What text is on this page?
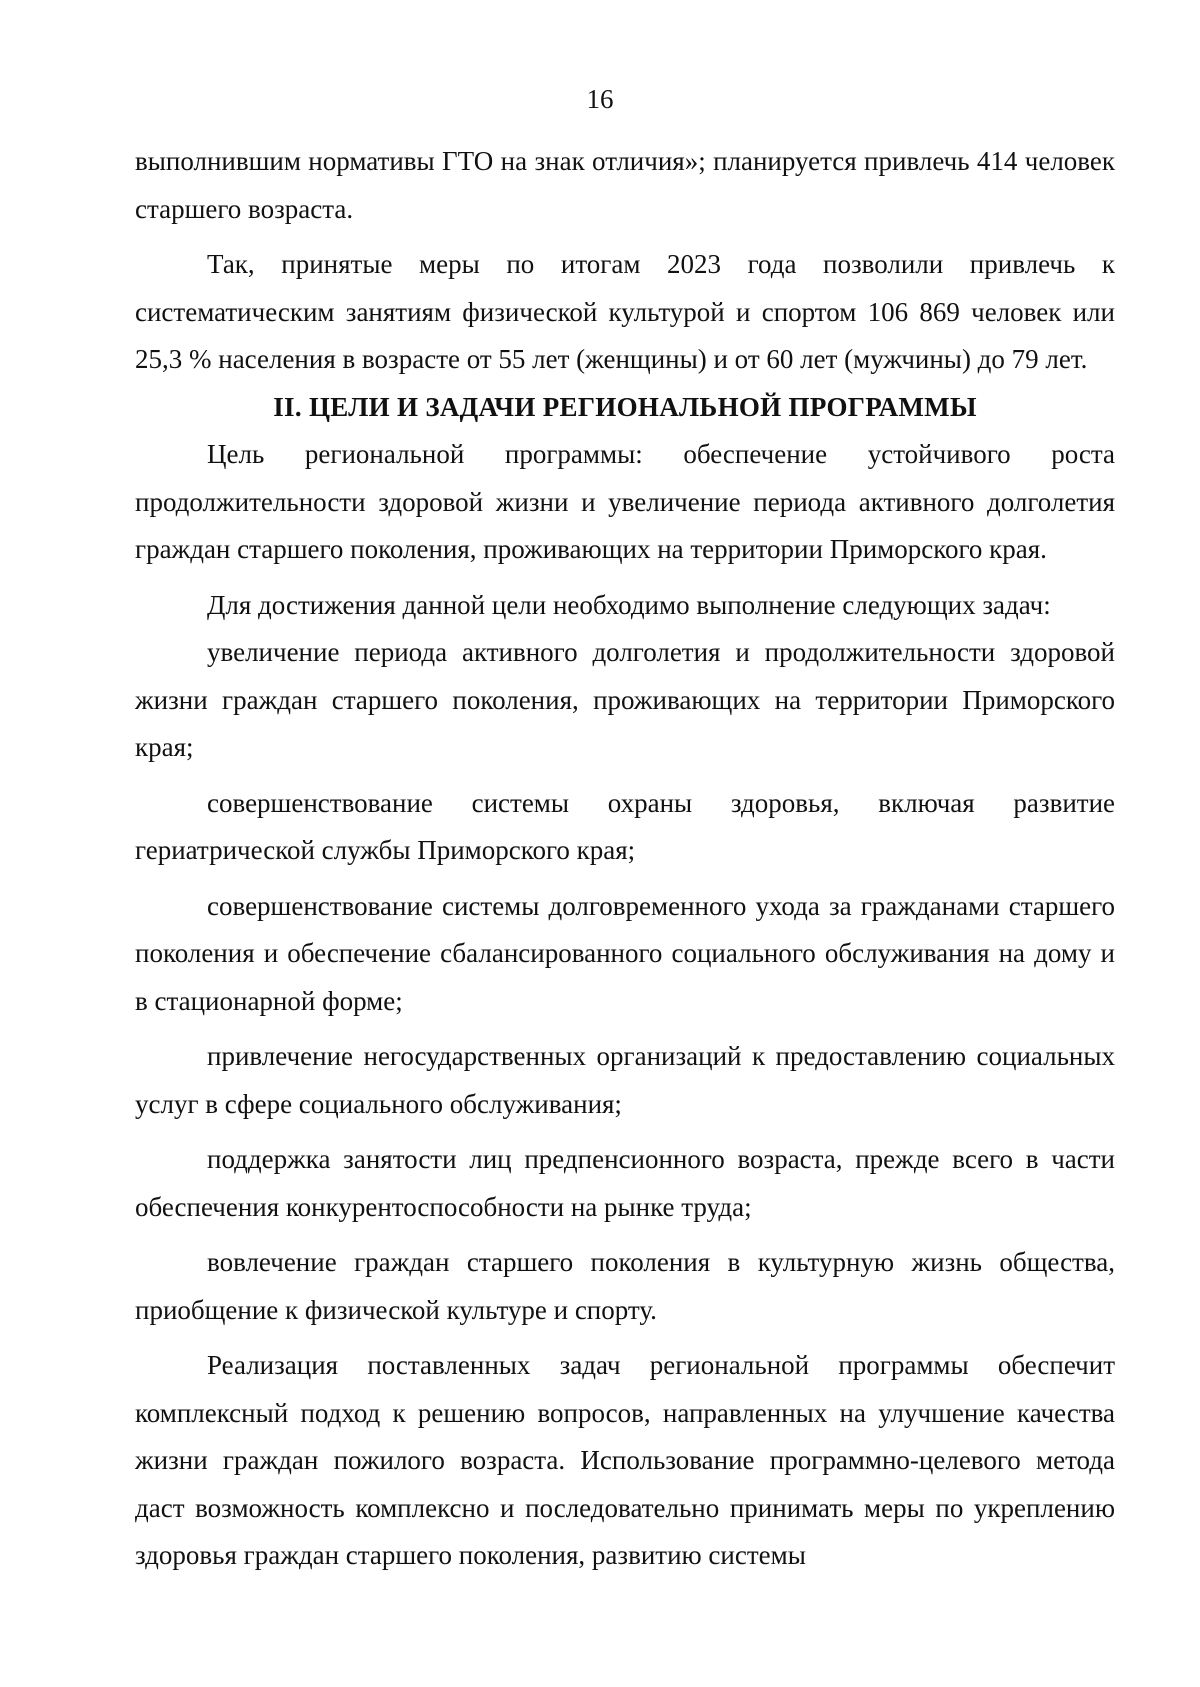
16

выполнившим нормативы ГТО на знак отличия»; планируется привлечь 414 человек старшего возраста.

Так, принятые меры по итогам 2023 года позволили привлечь к систематическим занятиям физической культурой и спортом 106 869 человек или 25,3 % населения в возрасте от 55 лет (женщины) и от 60 лет (мужчины) до 79 лет.

II. ЦЕЛИ И ЗАДАЧИ РЕГИОНАЛЬНОЙ ПРОГРАММЫ

Цель региональной программы: обеспечение устойчивого роста продолжительности здоровой жизни и увеличение периода активного долголетия граждан старшего поколения, проживающих на территории Приморского края.

Для достижения данной цели необходимо выполнение следующих задач:

увеличение периода активного долголетия и продолжительности здоровой жизни граждан старшего поколения, проживающих на территории Приморского края;

совершенствование системы охраны здоровья, включая развитие гериатрической службы Приморского края;

совершенствование системы долговременного ухода за гражданами старшего поколения и обеспечение сбалансированного социального обслуживания на дому и в стационарной форме;

привлечение негосударственных организаций к предоставлению социальных услуг в сфере социального обслуживания;

поддержка занятости лиц предпенсионного возраста, прежде всего в части обеспечения конкурентоспособности на рынке труда;

вовлечение граждан старшего поколения в культурную жизнь общества, приобщение к физической культуре и спорту.

Реализация поставленных задач региональной программы обеспечит комплексный подход к решению вопросов, направленных на улучшение качества жизни граждан пожилого возраста. Использование программно-целевого метода даст возможность комплексно и последовательно принимать меры по укреплению здоровья граждан старшего поколения, развитию системы
